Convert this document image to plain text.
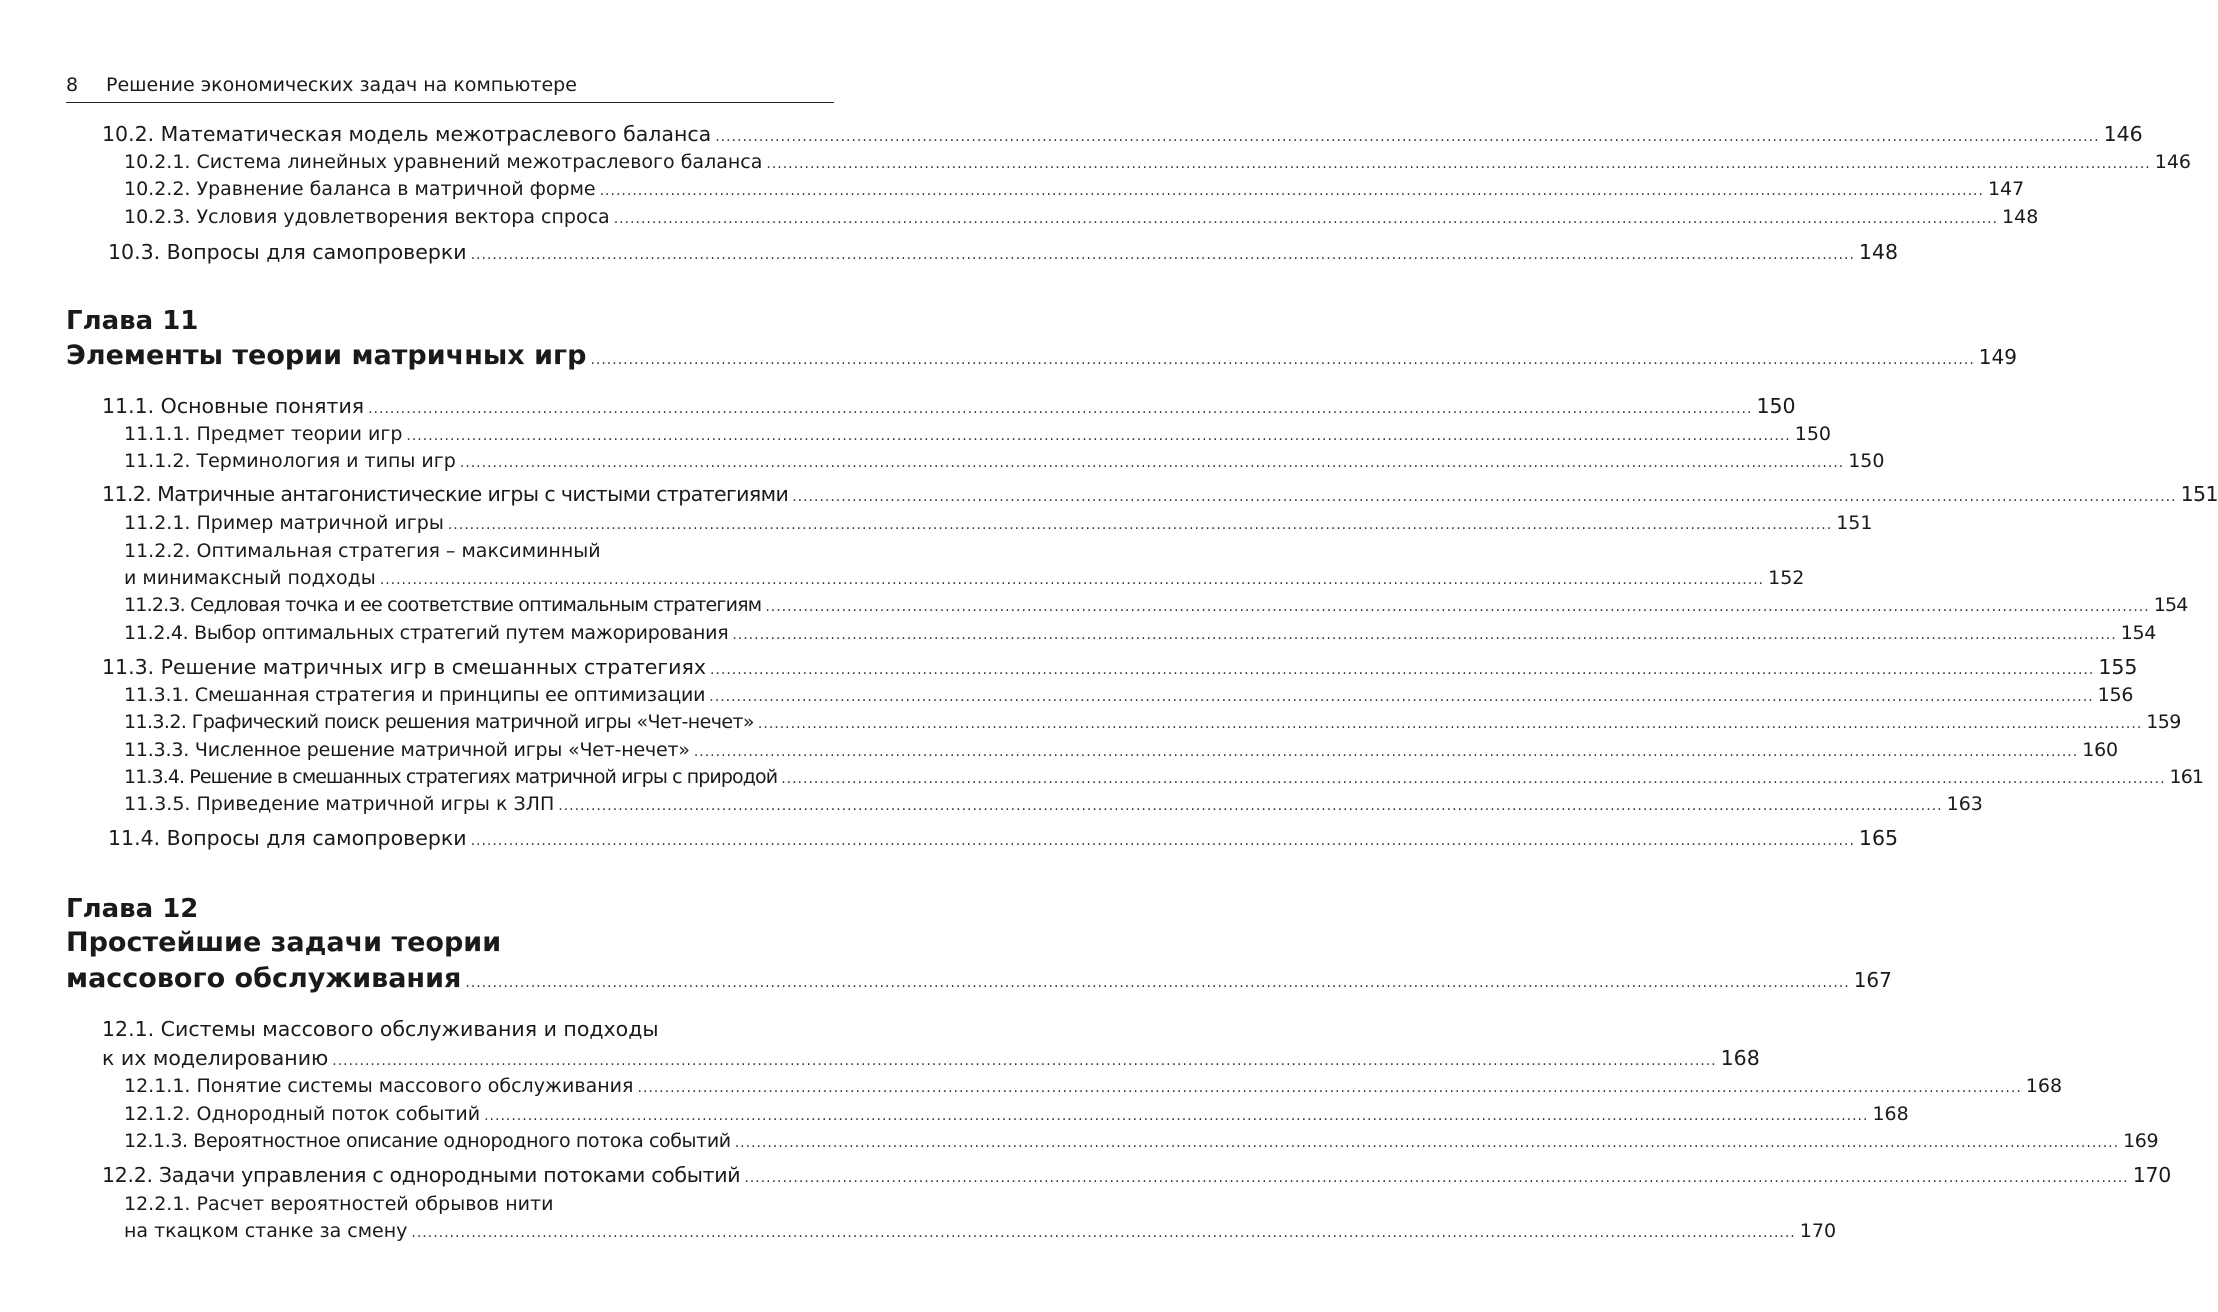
8 Решение экономических задач на компьютере
10.2. Математическая модель межотраслевого баланса .....	146
10.2.1. Система линейных уравнений межотраслевого баланса .....	146
10.2.2. Уравнение баланса в матричной форме .....	147
10.2.3. Условия удовлетворения вектора спроса .....	148
10.3. Вопросы для самопроверки .....	148
Глава 11
Элементы теории матричных игр .....	149
11.1. Основные понятия .....	150
11.1.1. Предмет теории игр .....	150
11.1.2. Терминология и типы игр .....	150
11.2. Матричные антагонистические игры с чистыми стратегиями .....	151
11.2.1. Пример матричной игры .....	151
11.2.2. Оптимальная стратегия – максиминный
и минимаксный подходы .....	152
11.2.3. Седловая точка и ее соответствие оптимальным стратегиям .....	154
11.2.4. Выбор оптимальных стратегий путем мажорирования .....	154
11.3. Решение матричных игр в смешанных стратегиях .....	155
11.3.1. Смешанная стратегия и принципы ее оптимизации .....	156
11.3.2. Графический поиск решения матричной игры «Чет-нечет» .....	159
11.3.3. Численное решение матричной игры «Чет-нечет» .....	160
11.3.4. Решение в смешанных стратегиях матричной игры с природой .....	161
11.3.5. Приведение матричной игры к ЗЛП .....	163
11.4. Вопросы для самопроверки .....	165
Глава 12
Простейшие задачи теории
массового обслуживания .....	167
12.1. Системы массового обслуживания и подходы
к их моделированию .....	168
12.1.1. Понятие системы массового обслуживания .....	168
12.1.2. Однородный поток событий .....	168
12.1.3. Вероятностное описание однородного потока событий .....	169
12.2. Задачи управления с однородными потоками событий .....	170
12.2.1. Расчет вероятностей обрывов нити
на ткацком станке за смену .....	170
